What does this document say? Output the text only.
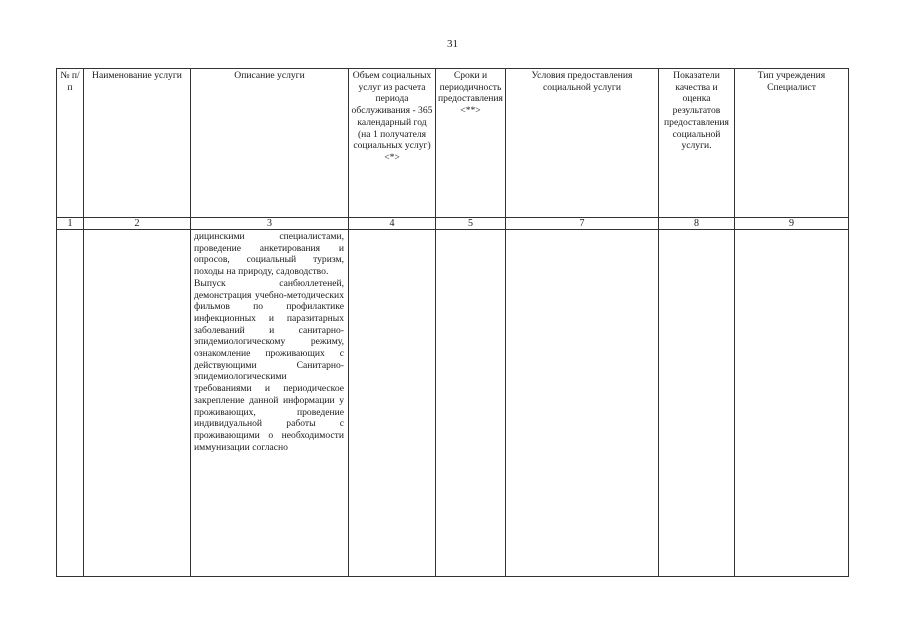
31
№ п/п	Наименование услуги	Описание услуги	Объем социальных услуг из расчета периода обслуживания - 365 календарный год (на 1 получателя социальных услуг) <*>	Сроки и периодичность предоставления <**>	Условия предоставления социальной услуги	Показатели качества и оценка результатов предоставления социальной услуги.	Тип учреждения Специалист
1	2	3	4	5	7	8	9

		дицинскими специалистами, проведение анкетирования и опросов, социальный туризм, походы на природу, садоводство.

Выпуск санбюллетеней, демонстрация учебно-методических фильмов по профилактике инфекционных и паразитарных заболеваний и санитарно-эпидемиологическому режиму, ознакомление проживающих с действующими Санитарно-эпидемиологическими требованиями и периодическое закрепление данной информации у проживающих, проведение индивидуальной работы с проживающими о необходимости иммунизации согласно					
